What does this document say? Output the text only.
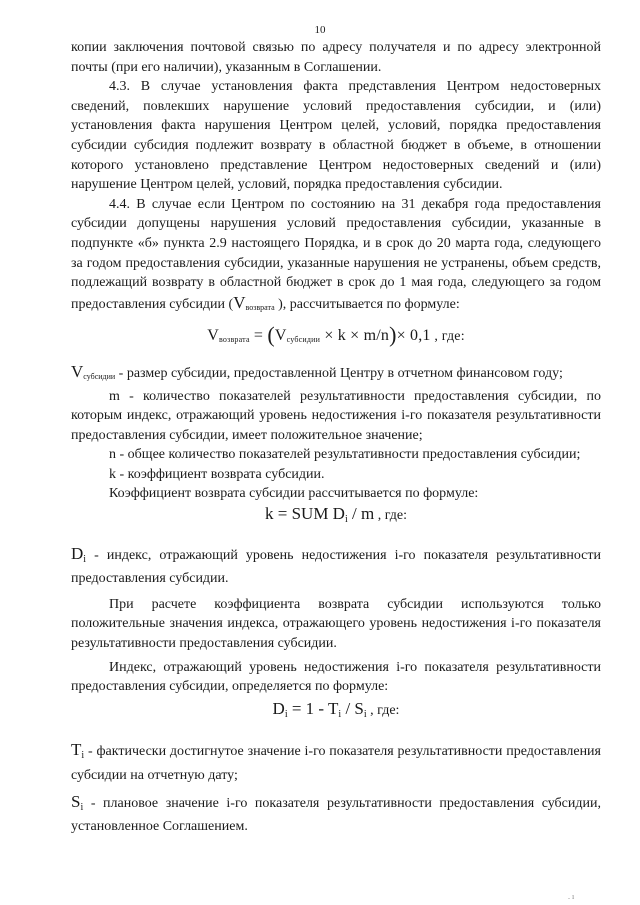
10

копии заключения почтовой связью по адресу получателя и по адресу электронной почты (при его наличии), указанным в Соглашении.

4.3. В случае установления факта представления Центром недостоверных сведений, повлекших нарушение условий предоставления субсидии, и (или) установления факта нарушения Центром целей, условий, порядка предоставления субсидии субсидия подлежит возврату в областной бюджет в объеме, в отношении которого установлено представление Центром недостоверных сведений и (или) нарушение Центром целей, условий, порядка предоставления субсидии.

4.4. В случае если Центром по состоянию на 31 декабря года предоставления субсидии допущены нарушения условий предоставления субсидии, указанные в подпункте «б» пункта 2.9 настоящего Порядка, и в срок до 20 марта года, следующего за годом предоставления субсидии, указанные нарушения не устранены, объем средств, подлежащий возврату в областной бюджет в срок до 1 мая года, следующего за годом предоставления субсидии ($V_{возврата}$ ), рассчитывается по формуле:

$V_{возврата} = (V_{субсидии} \times k \times m/n)\times 0,1$ , где:

$V_{субсидии}$ - размер субсидии, предоставленной Центру в отчетном финансовом году;

m - количество показателей результативности предоставления субсидии, по которым индекс, отражающий уровень недостижения i-го показателя результативности предоставления субсидии, имеет положительное значение;

n - общее количество показателей результативности предоставления субсидии;

k - коэффициент возврата субсидии.

Коэффициент возврата субсидии рассчитывается по формуле:

k = SUM Di / m , где:

$D_i$ - индекс, отражающий уровень недостижения i-го показателя результативности предоставления субсидии.

При расчете коэффициента возврата субсидии используются только положительные значения индекса, отражающего уровень недостижения i-го показателя результативности предоставления субсидии.

Индекс, отражающий уровень недостижения i-го показателя результативности предоставления субсидии, определяется по формуле:

Di = 1 - Ti / Si , где:

$T_i$ - фактически достигнутое значение i-го показателя результативности предоставления субсидии на отчетную дату;

$S_i$ - плановое значение i-го показателя результативности предоставления субсидии, установленное Соглашением.

. ı
